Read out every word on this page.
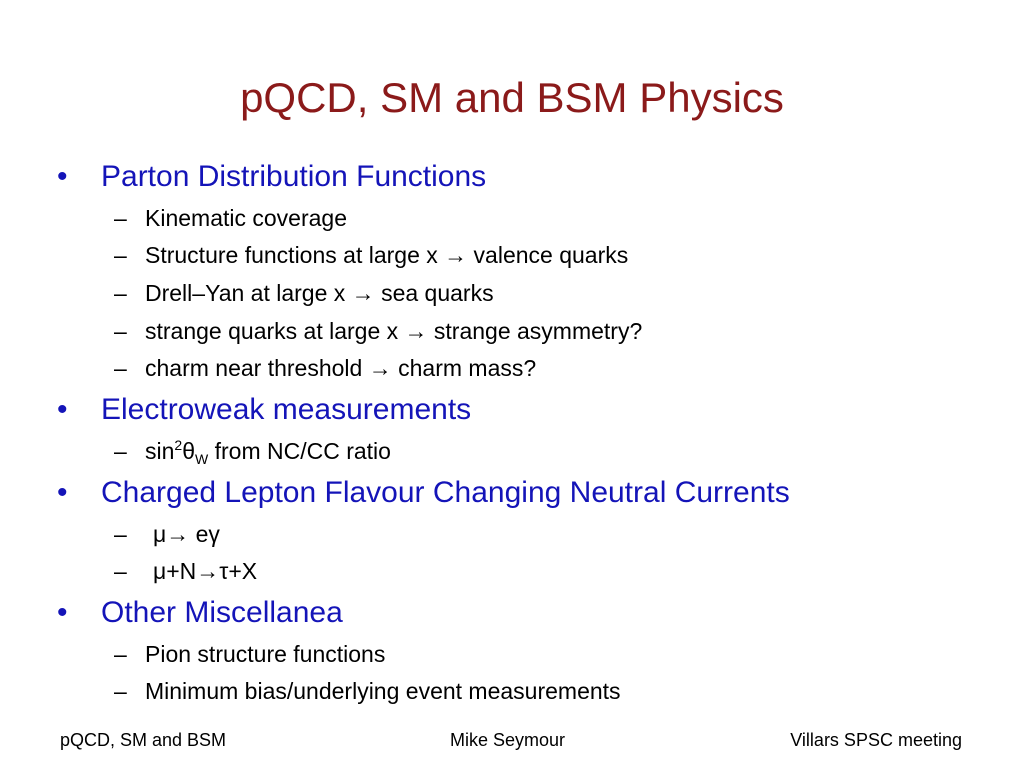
pQCD, SM and BSM Physics
• Parton Distribution Functions
– Kinematic coverage
– Structure functions at large x → valence quarks
– Drell–Yan at large x → sea quarks
– strange quarks at large x → strange asymmetry?
– charm near threshold → charm mass?
• Electroweak measurements
– $\sin^2\theta_W$ from NC/CC ratio
• Charged Lepton Flavour Changing Neutral Currents
– μ→ eγ
– μ+N→τ+X
• Other Miscellanea
– Pion structure functions
– Minimum bias/underlying event measurements
pQCD, SM and BSM	Mike Seymour	Villars SPSC meeting
